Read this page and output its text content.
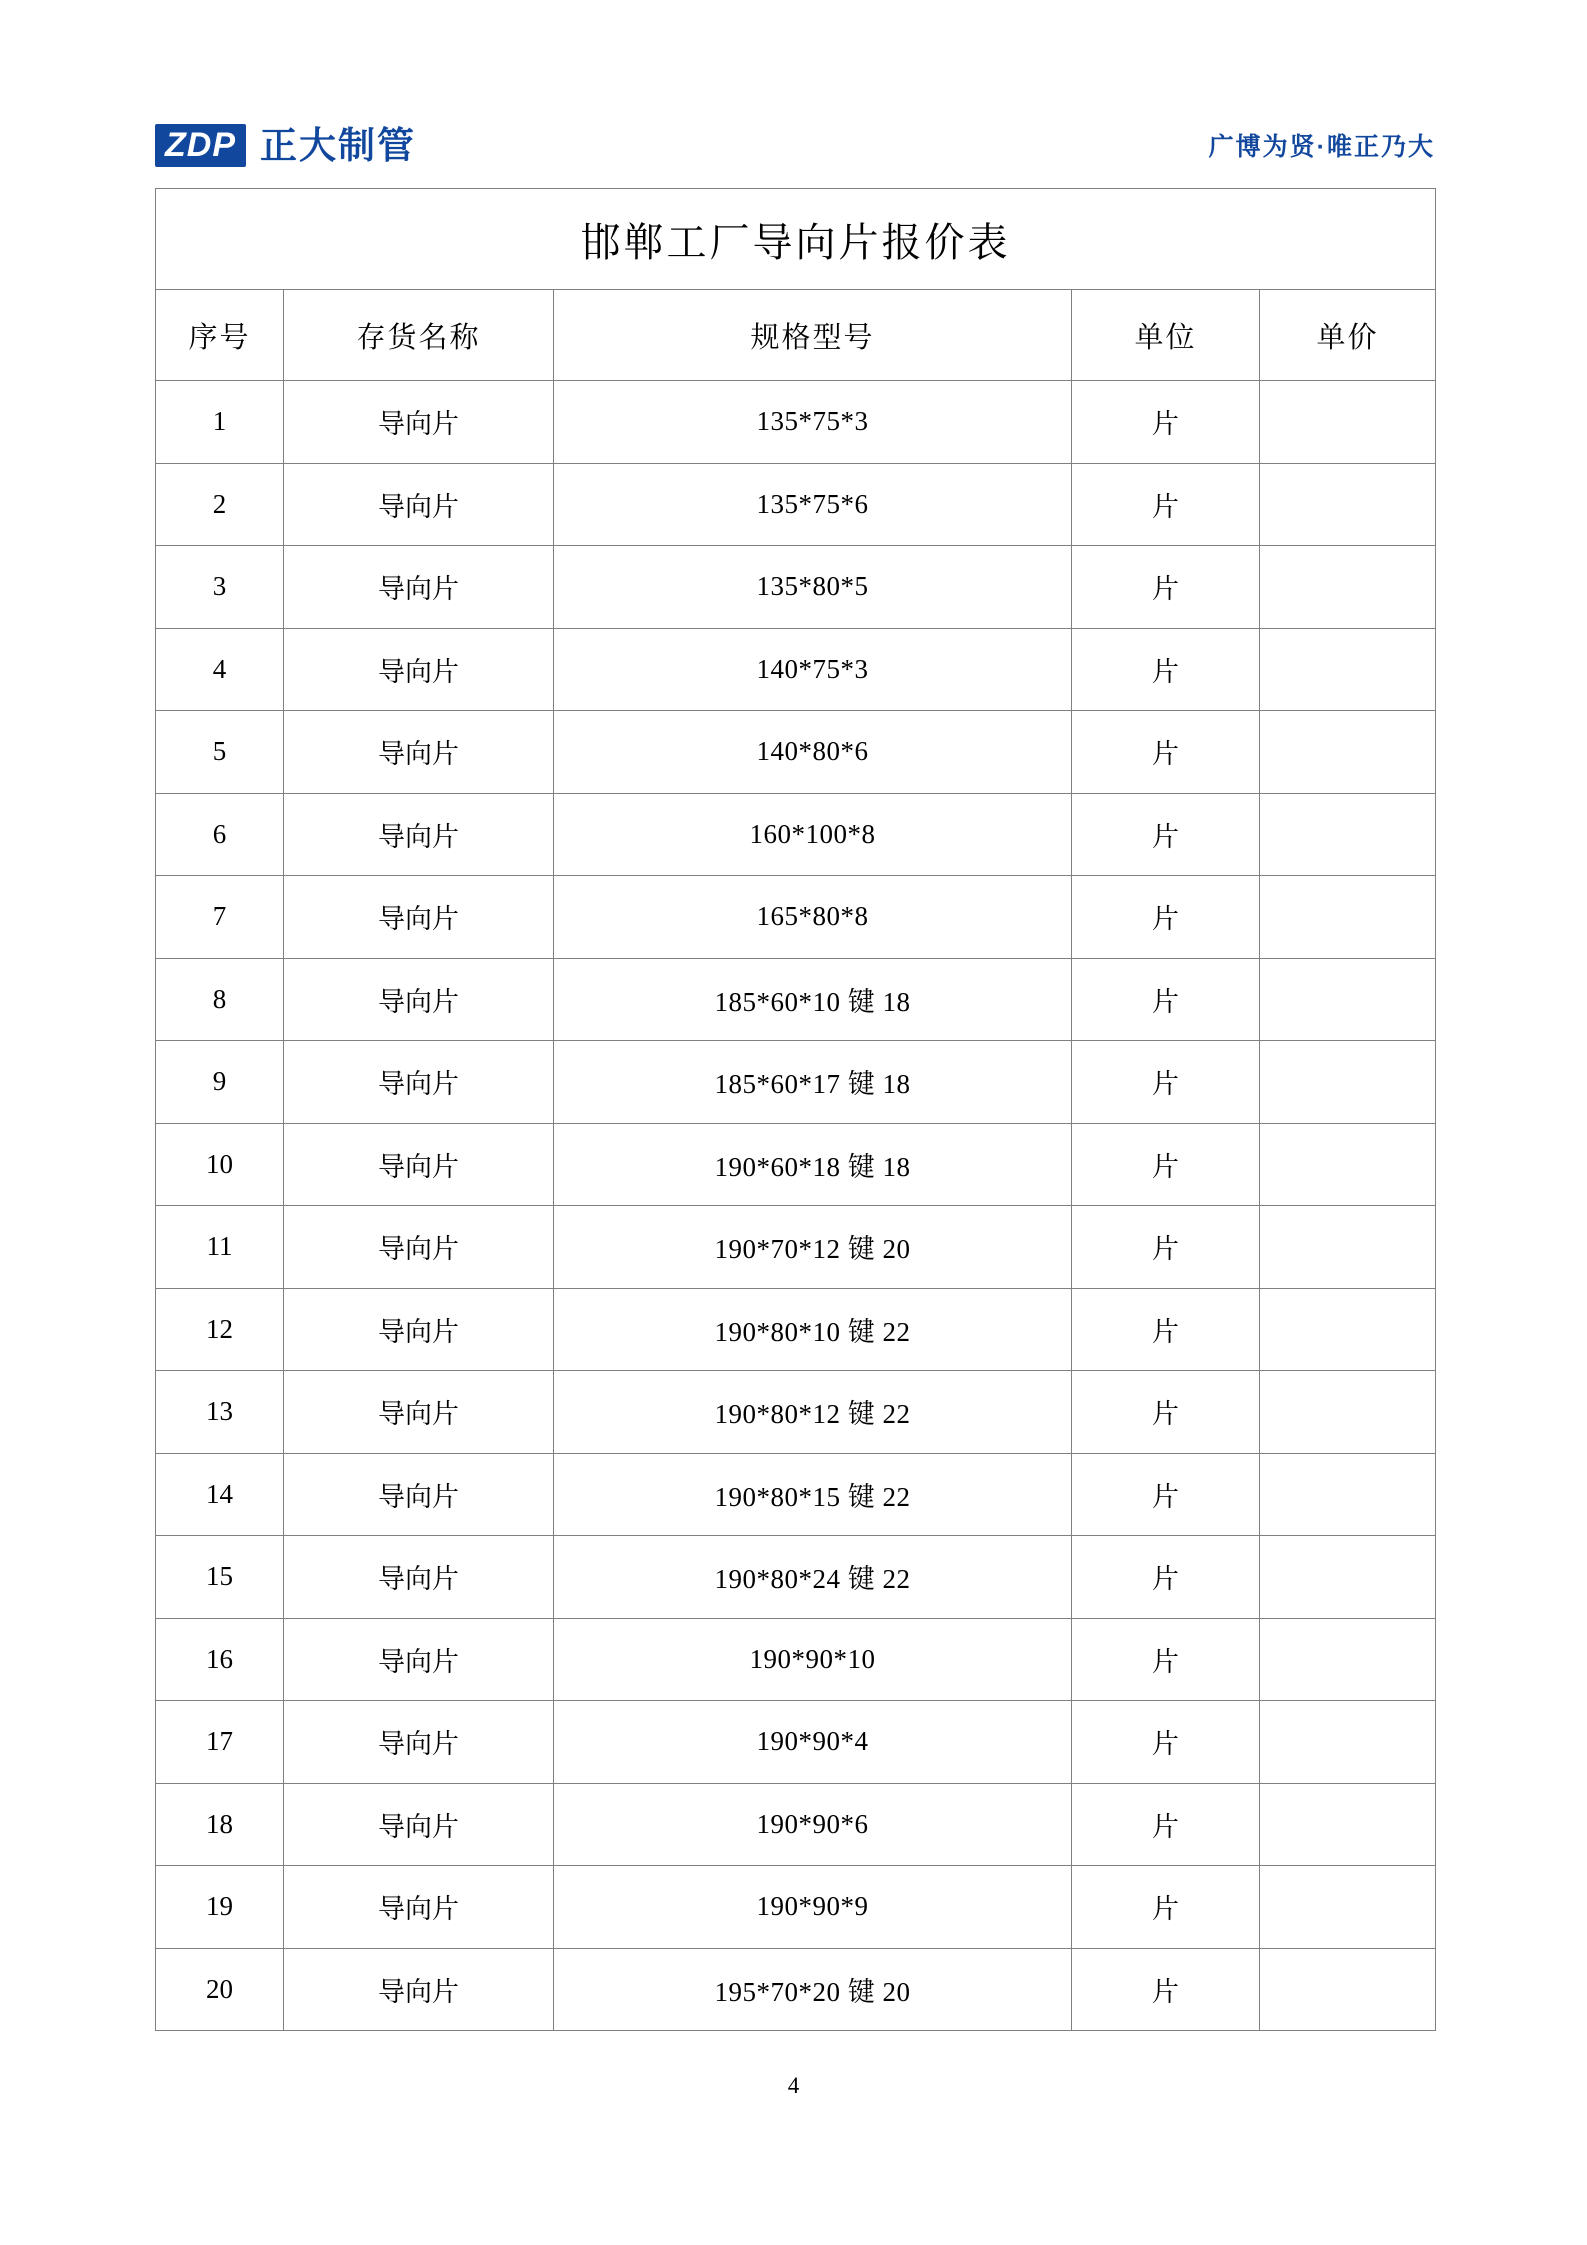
ZDP 正大制管	广博为贤·唯正乃大
邯郸工厂导向片报价表				
序号	存货名称	规格型号	单位	单价
1	导向片	135*75*3	片	
2	导向片	135*75*6	片	
3	导向片	135*80*5	片	
4	导向片	140*75*3	片	
5	导向片	140*80*6	片	
6	导向片	160*100*8	片	
7	导向片	165*80*8	片	
8	导向片	185*60*10 键 18	片	
9	导向片	185*60*17 键 18	片	
10	导向片	190*60*18 键 18	片	
11	导向片	190*70*12 键 20	片	
12	导向片	190*80*10 键 22	片	
13	导向片	190*80*12 键 22	片	
14	导向片	190*80*15 键 22	片	
15	导向片	190*80*24 键 22	片	
16	导向片	190*90*10	片	
17	导向片	190*90*4	片	
18	导向片	190*90*6	片	
19	导向片	190*90*9	片	
20	导向片	195*70*20 键 20	片	
4
